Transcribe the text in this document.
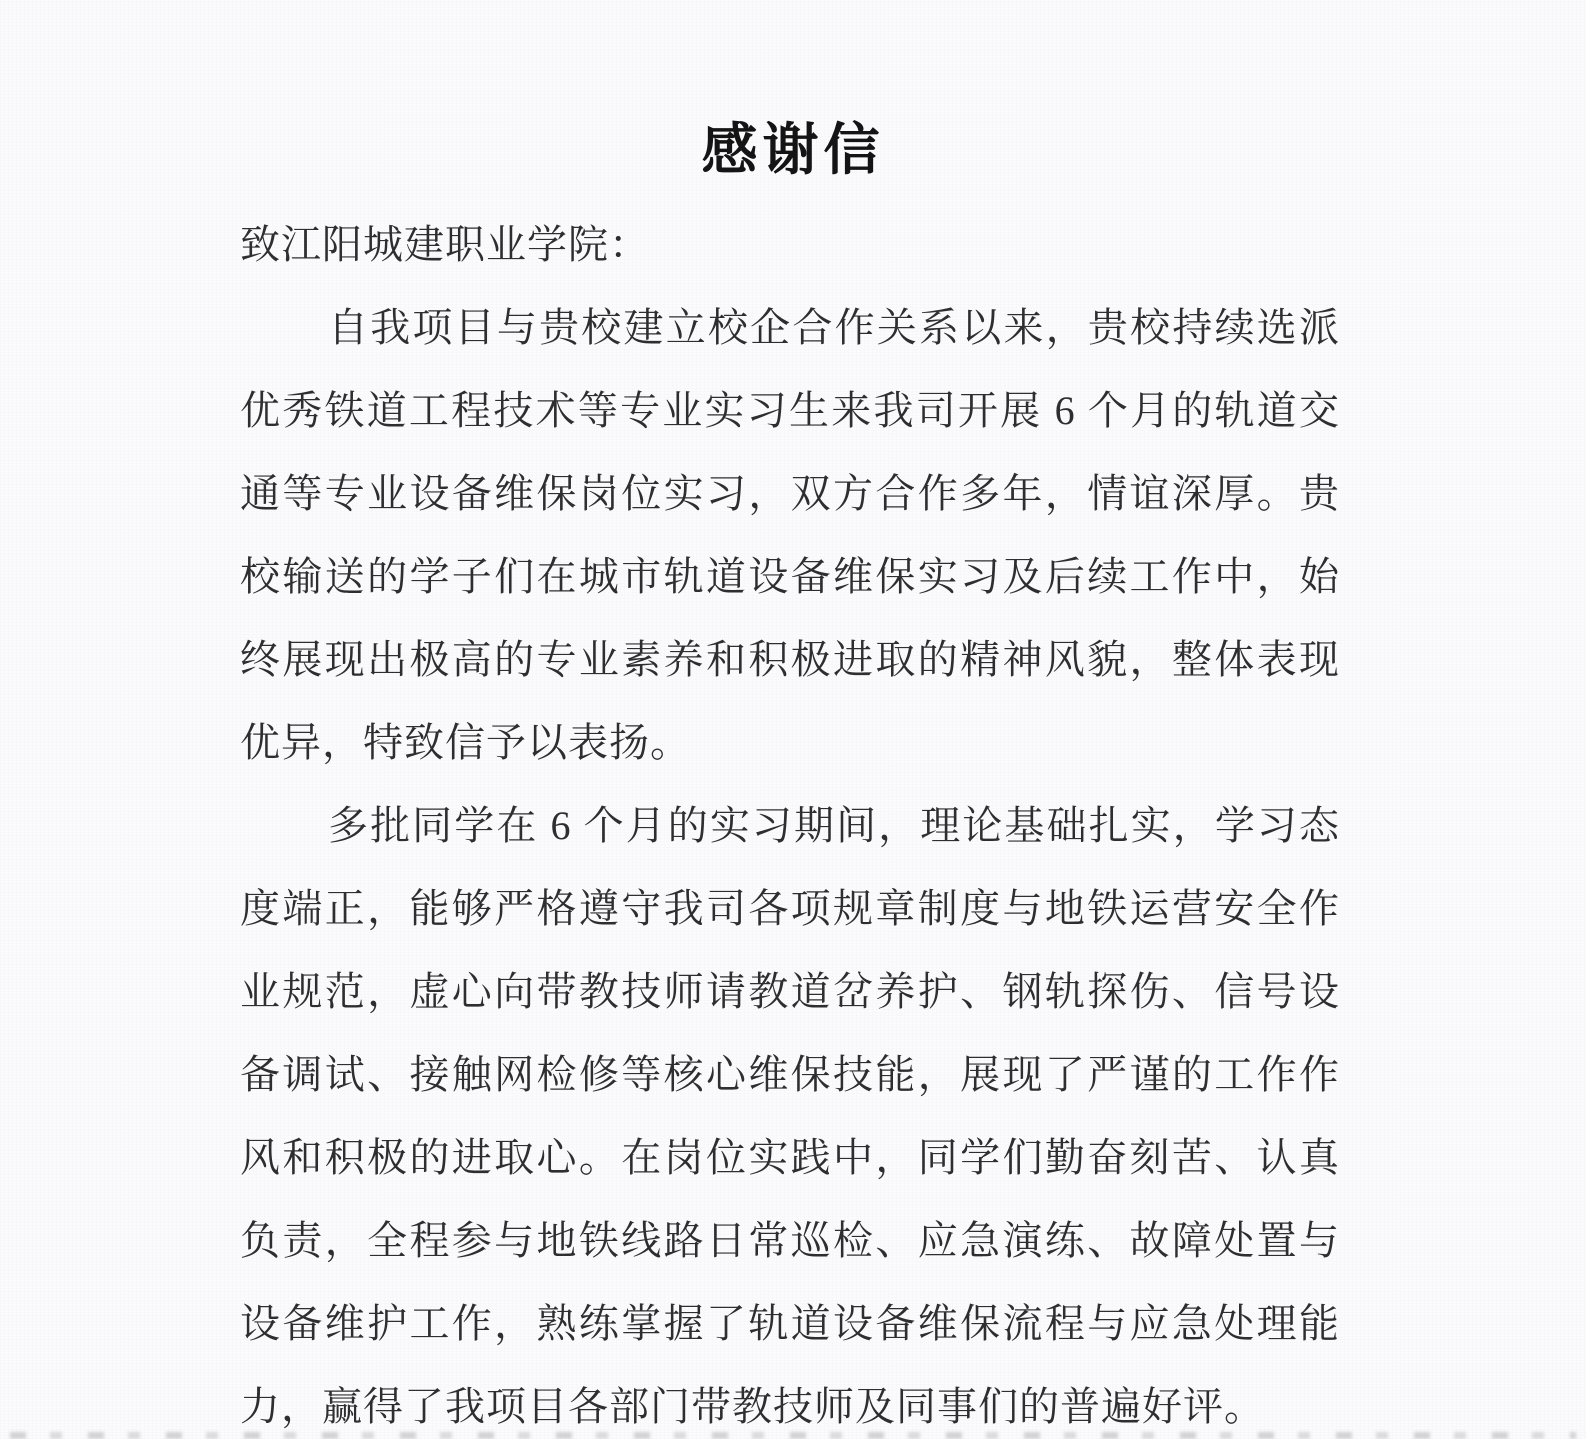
感谢信
致江阳城建职业学院：
自我项目与贵校建立校企合作关系以来，贵校持续选派
优秀铁道工程技术等专业实习生来我司开展 6 个月的轨道交
通等专业设备维保岗位实习，双方合作多年，情谊深厚。贵
校输送的学子们在城市轨道设备维保实习及后续工作中，始
终展现出极高的专业素养和积极进取的精神风貌，整体表现
优异，特致信予以表扬。
多批同学在 6 个月的实习期间，理论基础扎实，学习态
度端正，能够严格遵守我司各项规章制度与地铁运营安全作
业规范，虚心向带教技师请教道岔养护、钢轨探伤、信号设
备调试、接触网检修等核心维保技能，展现了严谨的工作作
风和积极的进取心。在岗位实践中，同学们勤奋刻苦、认真
负责，全程参与地铁线路日常巡检、应急演练、故障处置与
设备维护工作，熟练掌握了轨道设备维保流程与应急处理能
力，赢得了我项目各部门带教技师及同事们的普遍好评。
